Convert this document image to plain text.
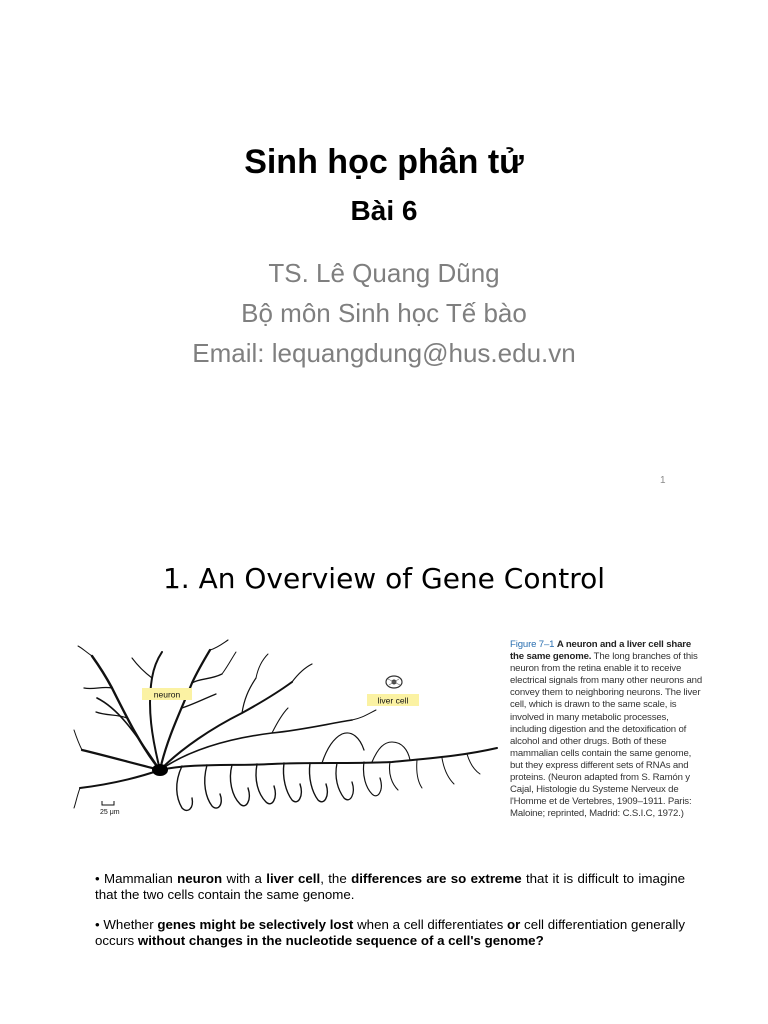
Sinh học phân tử
Bài 6
TS. Lê Quang Dũng
Bộ môn Sinh học Tế bào
Email: lequangdung@hus.edu.vn
1
1. An Overview of Gene Control
neuron
liver cell
25 μm
Figure 7–1 A neuron and a liver cell share the same genome. The long branches of this neuron from the retina enable it to receive electrical signals from many other neurons and convey them to neighboring neurons. The liver cell, which is drawn to the same scale, is involved in many metabolic processes, including digestion and the detoxification of alcohol and other drugs. Both of these mammalian cells contain the same genome, but they express different sets of RNAs and proteins. (Neuron adapted from S. Ramón y Cajal, Histologie du Systeme Nerveux de l'Homme et de Vertebres, 1909–1911. Paris: Maloine; reprinted, Madrid: C.S.I.C, 1972.)

• Mammalian neuron with a liver cell, the differences are so extreme that it is difficult to imagine that the two cells contain the same genome.

• Whether genes might be selectively lost when a cell differentiates or cell differentiation generally occurs without changes in the nucleotide sequence of a cell's genome?
